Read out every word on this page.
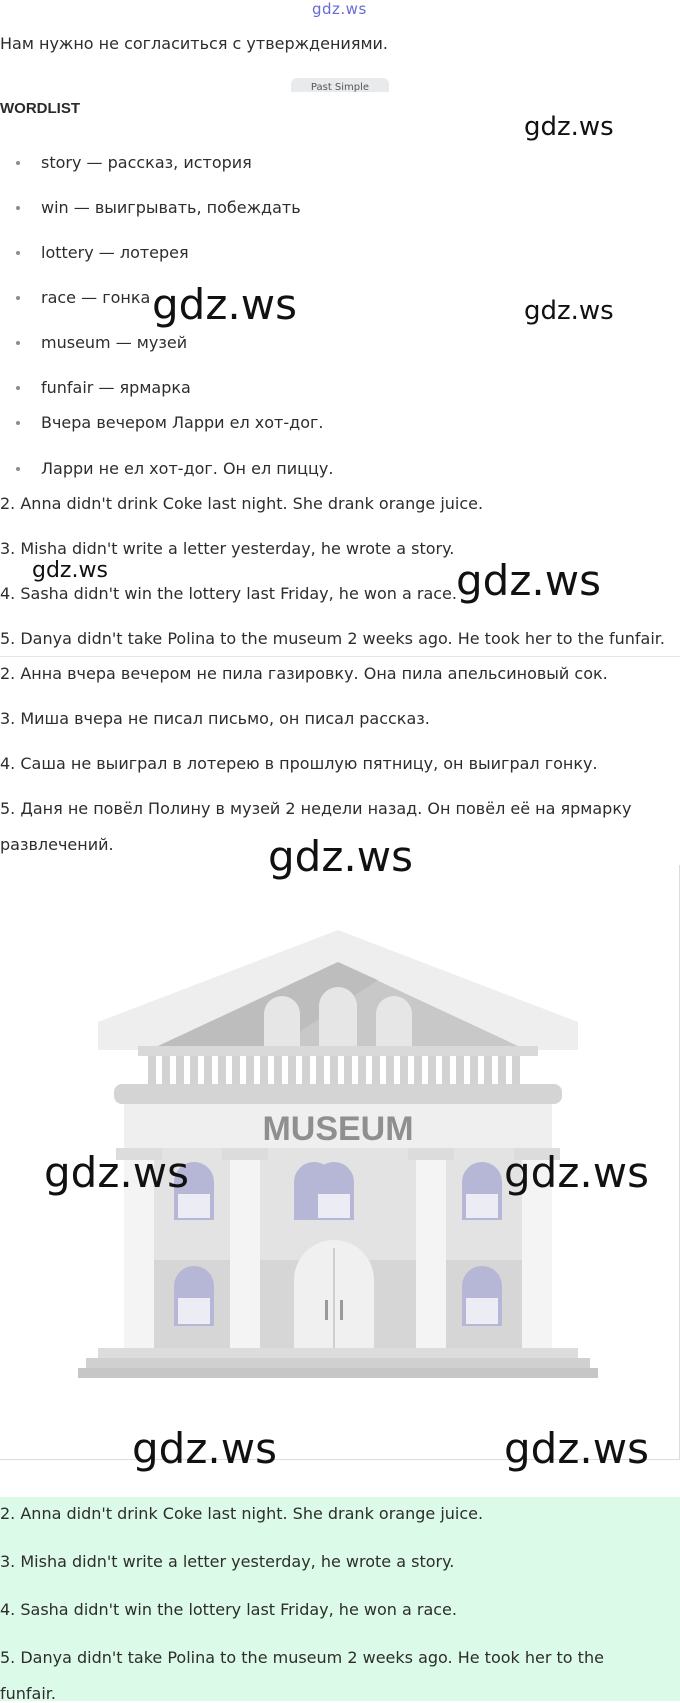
gdz.ws
Нам нужно не согласиться с утверждениями.
Past Simple
WORDLIST
story — рассказ, история
win — выигрывать, побеждать
lottery — лотерея
race — гонка
museum — музей
funfair — ярмарка
Вчера вечером Ларри ел хот-дог.
Ларри не ел хот-дог. Он ел пиццу.
2. Anna didn't drink Coke last night. She drank orange juice.
3. Misha didn't write a letter yesterday, he wrote a story.
4. Sasha didn't win the lottery last Friday, he won a race.
5. Danya didn't take Polina to the museum 2 weeks ago. He took her to the funfair.
2. Анна вчера вечером не пила газировку. Она пила апельсиновый сок.
3. Миша вчера не писал письмо, он писал рассказ.
4. Саша не выиграл в лотерею в прошлую пятницу, он выиграл гонку.
5. Даня не повёл Полину в музей 2 недели назад. Он повёл её на ярмарку
развлечений.
MUSEUM
2. Anna didn't drink Coke last night. She drank orange juice.
3. Misha didn't write a letter yesterday, he wrote a story.
4. Sasha didn't win the lottery last Friday, he won a race.
5. Danya didn't take Polina to the museum 2 weeks ago. He took her to the
funfair.
gdz.ws
gdz.ws	gdz.ws
gdz.ws	gdz.ws
gdz.ws
gdz.ws	gdz.ws
gdz.ws	gdz.ws
